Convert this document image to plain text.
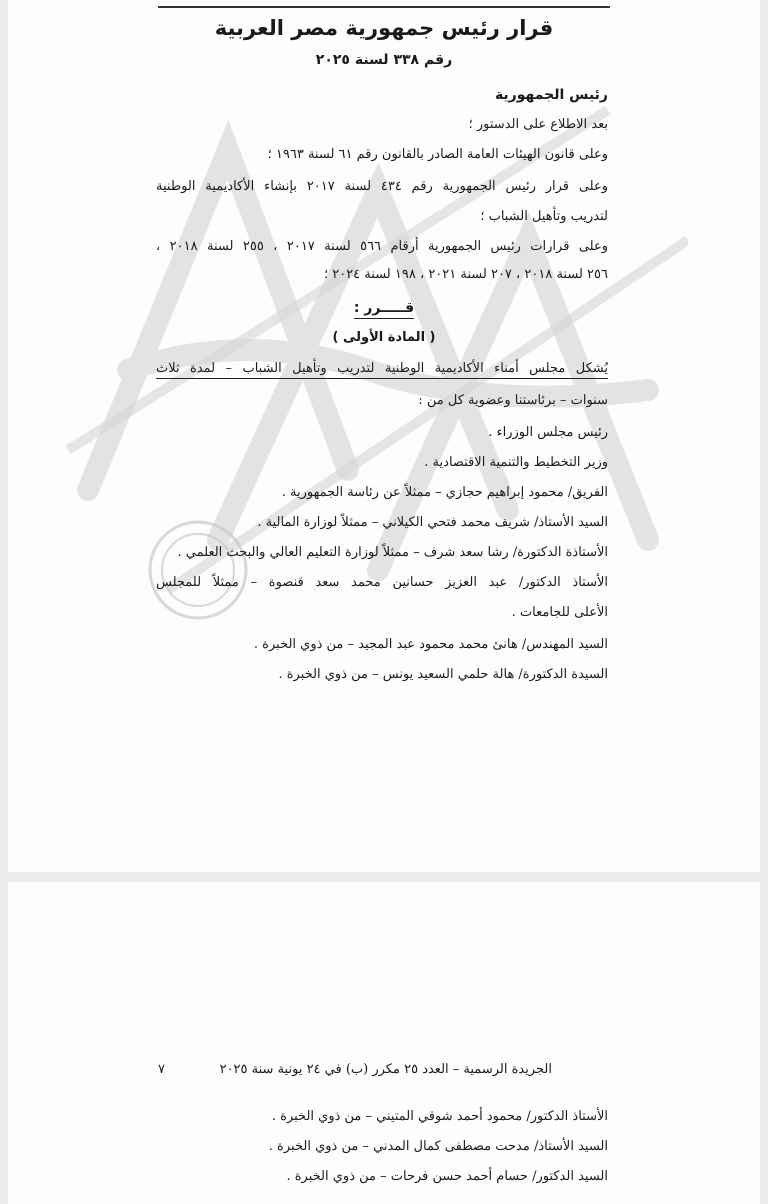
قرار رئيس جمهورية مصر العربية
رقم ٣٣٨ لسنة ٢٠٢٥
رئيس الجمهورية
بعد الاطلاع على الدستور ؛
وعلى قانون الهيئات العامة الصادر بالقانون رقم ٦١ لسنة ١٩٦٣ ؛
وعلى قرار رئيس الجمهورية رقم ٤٣٤ لسنة ٢٠١٧ بإنشاء الأكاديمية الوطنية
لتدريب وتأهيل الشباب ؛
وعلى قرارات رئيس الجمهورية أرقام ٥٦٦ لسنة ٢٠١٧ ، ٢٥٥ لسنة ٢٠١٨ ،
٢٥٦ لسنة ٢٠١٨ ، ٢٠٧ لسنة ٢٠٢١ ، ١٩٨ لسنة ٢٠٢٤ ؛
قـــــرر :
( المادة الأولى )
يُشكل مجلس أمناء الأكاديمية الوطنية لتدريب وتأهيل الشباب – لمدة ثلاث
سنوات – برئاستنا وعضوية كل من :
رئيس مجلس الوزراء .
وزير التخطيط والتنمية الاقتصادية .
الفريق/ محمود إبراهيم حجازي – ممثلاً عن رئاسة الجمهورية .
السيد الأستاذ/ شريف محمد فتحي الكيلاني – ممثلاً لوزارة المالية .
الأستاذة الدكتورة/ رشا سعد شرف – ممثلاً لوزارة التعليم العالي والبحث العلمي .
الأستاذ الدكتور/ عبد العزيز حسانين محمد سعد قنصوة – ممثلاً للمجلس
الأعلى للجامعات .
السيد المهندس/ هانئ محمد محمود عبد المجيد – من ذوي الخبرة .
السيدة الدكتورة/ هالة حلمي السعيد يونس – من ذوي الخبرة .
الجريدة الرسمية – العدد ٢٥ مكرر (ب) في ٢٤ يونية سنة ٢٠٢٥
٧
الأستاذ الدكتور/ محمود أحمد شوقي المتيني – من ذوي الخبرة .
السيد الأستاذ/ مدحت مصطفى كمال المدني – من ذوي الخبرة .
السيد الدكتور/ حسام أحمد حسن فرحات – من ذوي الخبرة .
